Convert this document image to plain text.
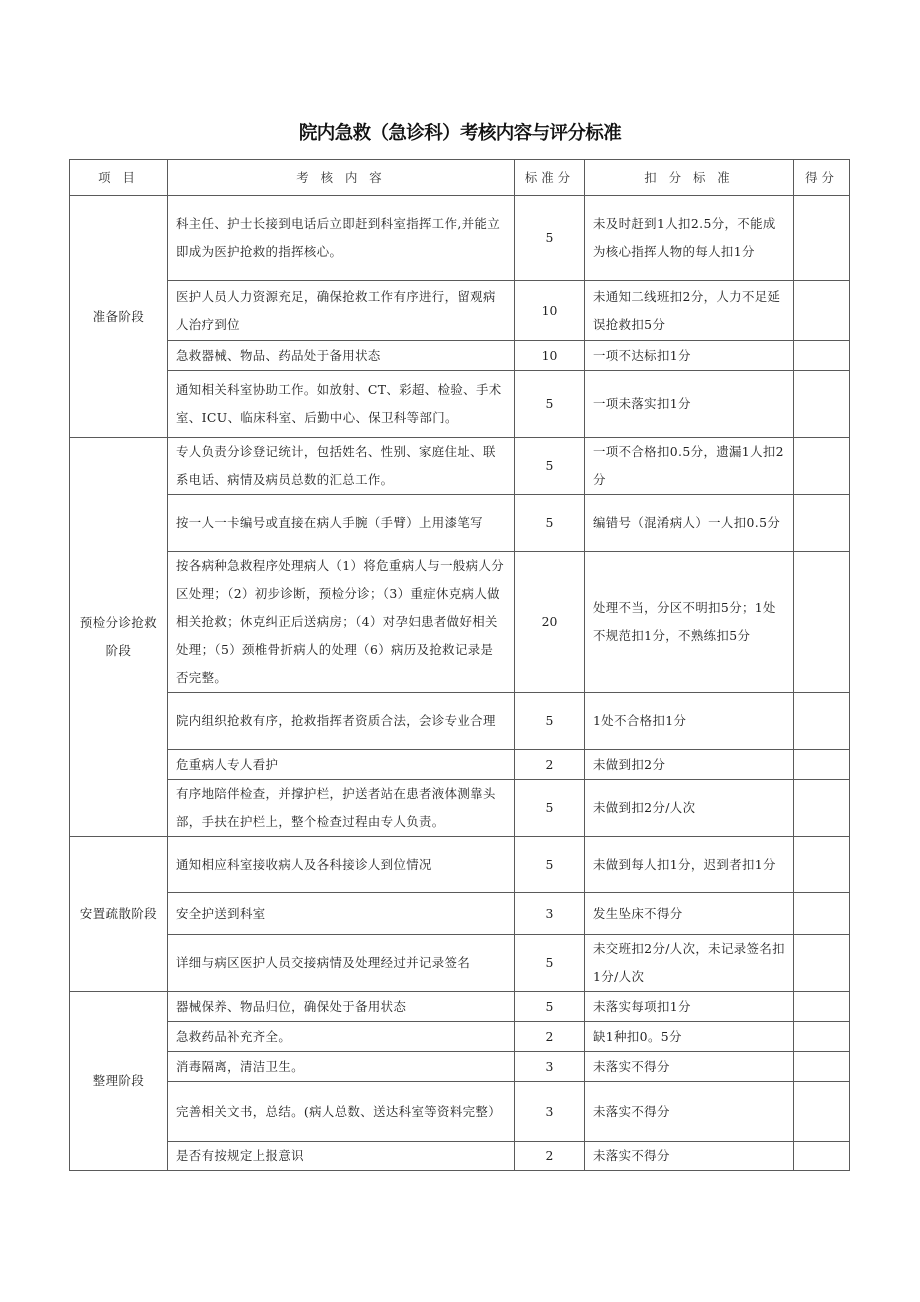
院内急救（急诊科）考核内容与评分标准
项 目	考 核 内 容	标准分	扣 分 标 准	得分
准备阶段	科主任、护士长接到电话后立即赶到科室指挥工作,并能立即成为医护抢救的指挥核心。	5	未及时赶到1人扣2.5分，不能成为核心指挥人物的每人扣1分	
	医护人员人力资源充足，确保抢救工作有序进行，留观病人治疗到位	10	未通知二线班扣2分，人力不足延误抢救扣5分	
	急救器械、物品、药品处于备用状态	10	一项不达标扣1分	
	通知相关科室协助工作。如放射、CT、彩超、检验、手术室、ICU、临床科室、后勤中心、保卫科等部门。	5	一项未落实扣1分	
预检分诊抢救阶段	专人负责分诊登记统计，包括姓名、性别、家庭住址、联系电话、病情及病员总数的汇总工作。	5	一项不合格扣0.5分，遗漏1人扣2分	
	按一人一卡编号或直接在病人手腕（手臂）上用漆笔写	5	编错号（混淆病人）一人扣0.5分	
	按各病种急救程序处理病人（1）将危重病人与一般病人分区处理；（2）初步诊断，预检分诊；（3）重症休克病人做相关抢救；休克纠正后送病房；（4）对孕妇患者做好相关处理；（5）颈椎骨折病人的处理（6）病历及抢救记录是否完整。	20	处理不当，分区不明扣5分；1处不规范扣1分，不熟练扣5分	
	院内组织抢救有序，抢救指挥者资质合法，会诊专业合理	5	1处不合格扣1分	
	危重病人专人看护	2	未做到扣2分	
	有序地陪伴检查，并撑护栏，护送者站在患者液体测靠头部，手扶在护栏上，整个检查过程由专人负责。	5	未做到扣2分/人次	
安置疏散阶段	通知相应科室接收病人及各科接诊人到位情况	5	未做到每人扣1分，迟到者扣1分	
	安全护送到科室	3	发生坠床不得分	
	详细与病区医护人员交接病情及处理经过并记录签名	5	未交班扣2分/人次，未记录签名扣1分/人次	
整理阶段	器械保养、物品归位，确保处于备用状态	5	未落实每项扣1分	
	急救药品补充齐全。	2	缺1种扣0。5分	
	消毒隔离，清洁卫生。	3	未落实不得分	
	完善相关文书，总结。(病人总数、送达科室等资料完整）	3	未落实不得分	
	是否有按规定上报意识	2	未落实不得分	
